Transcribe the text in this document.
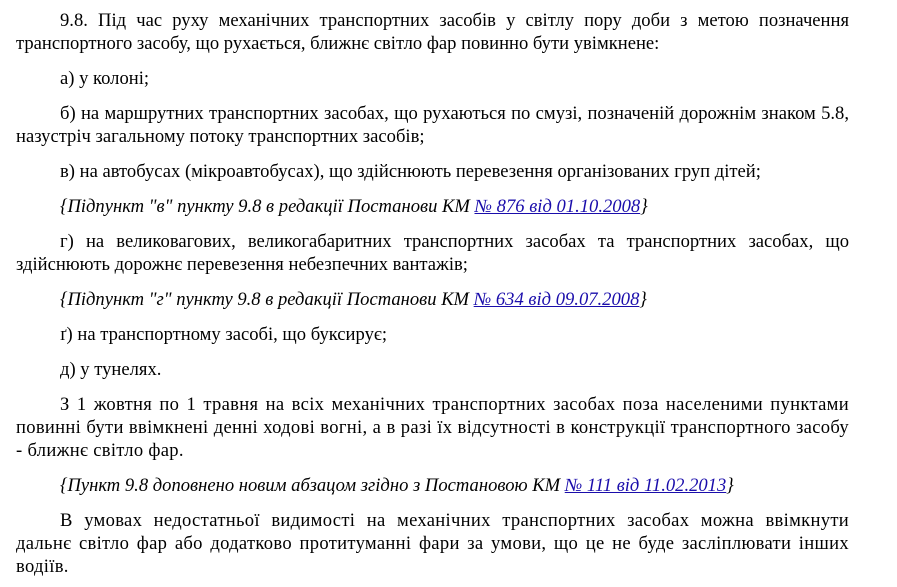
9.8. Під час руху механічних транспортних засобів у світлу пору доби з метою позначення транспортного засобу, що рухається, ближнє світло фар повинно бути увімкнене:

а) у колоні;

б) на маршрутних транспортних засобах, що рухаються по смузі, позначеній дорожнім знаком 5.8, назустріч загальному потоку транспортних засобів;

в) на автобусах (мікроавтобусах), що здійснюють перевезення організованих груп дітей;

{Підпункт "в" пункту 9.8 в редакції Постанови КМ № 876 від 01.10.2008}

г) на великовагових, великогабаритних транспортних засобах та транспортних засобах, що здійснюють дорожнє перевезення небезпечних вантажів;

{Підпункт "г" пункту 9.8 в редакції Постанови КМ № 634 від 09.07.2008}

ґ) на транспортному засобі, що буксирує;

д) у тунелях.

З 1 жовтня по 1 травня на всіх механічних транспортних засобах поза населеними пунктами повинні бути ввімкнені денні ходові вогні, а в разі їх відсутності в конструкції транспортного засобу - ближнє світло фар.

{Пункт 9.8 доповнено новим абзацом згідно з Постановою КМ № 111 від 11.02.2013}

В умовах недостатньої видимості на механічних транспортних засобах можна ввімкнути дальнє світло фар або додатково протитуманні фари за умови, що це не буде засліплювати інших водіїв.
